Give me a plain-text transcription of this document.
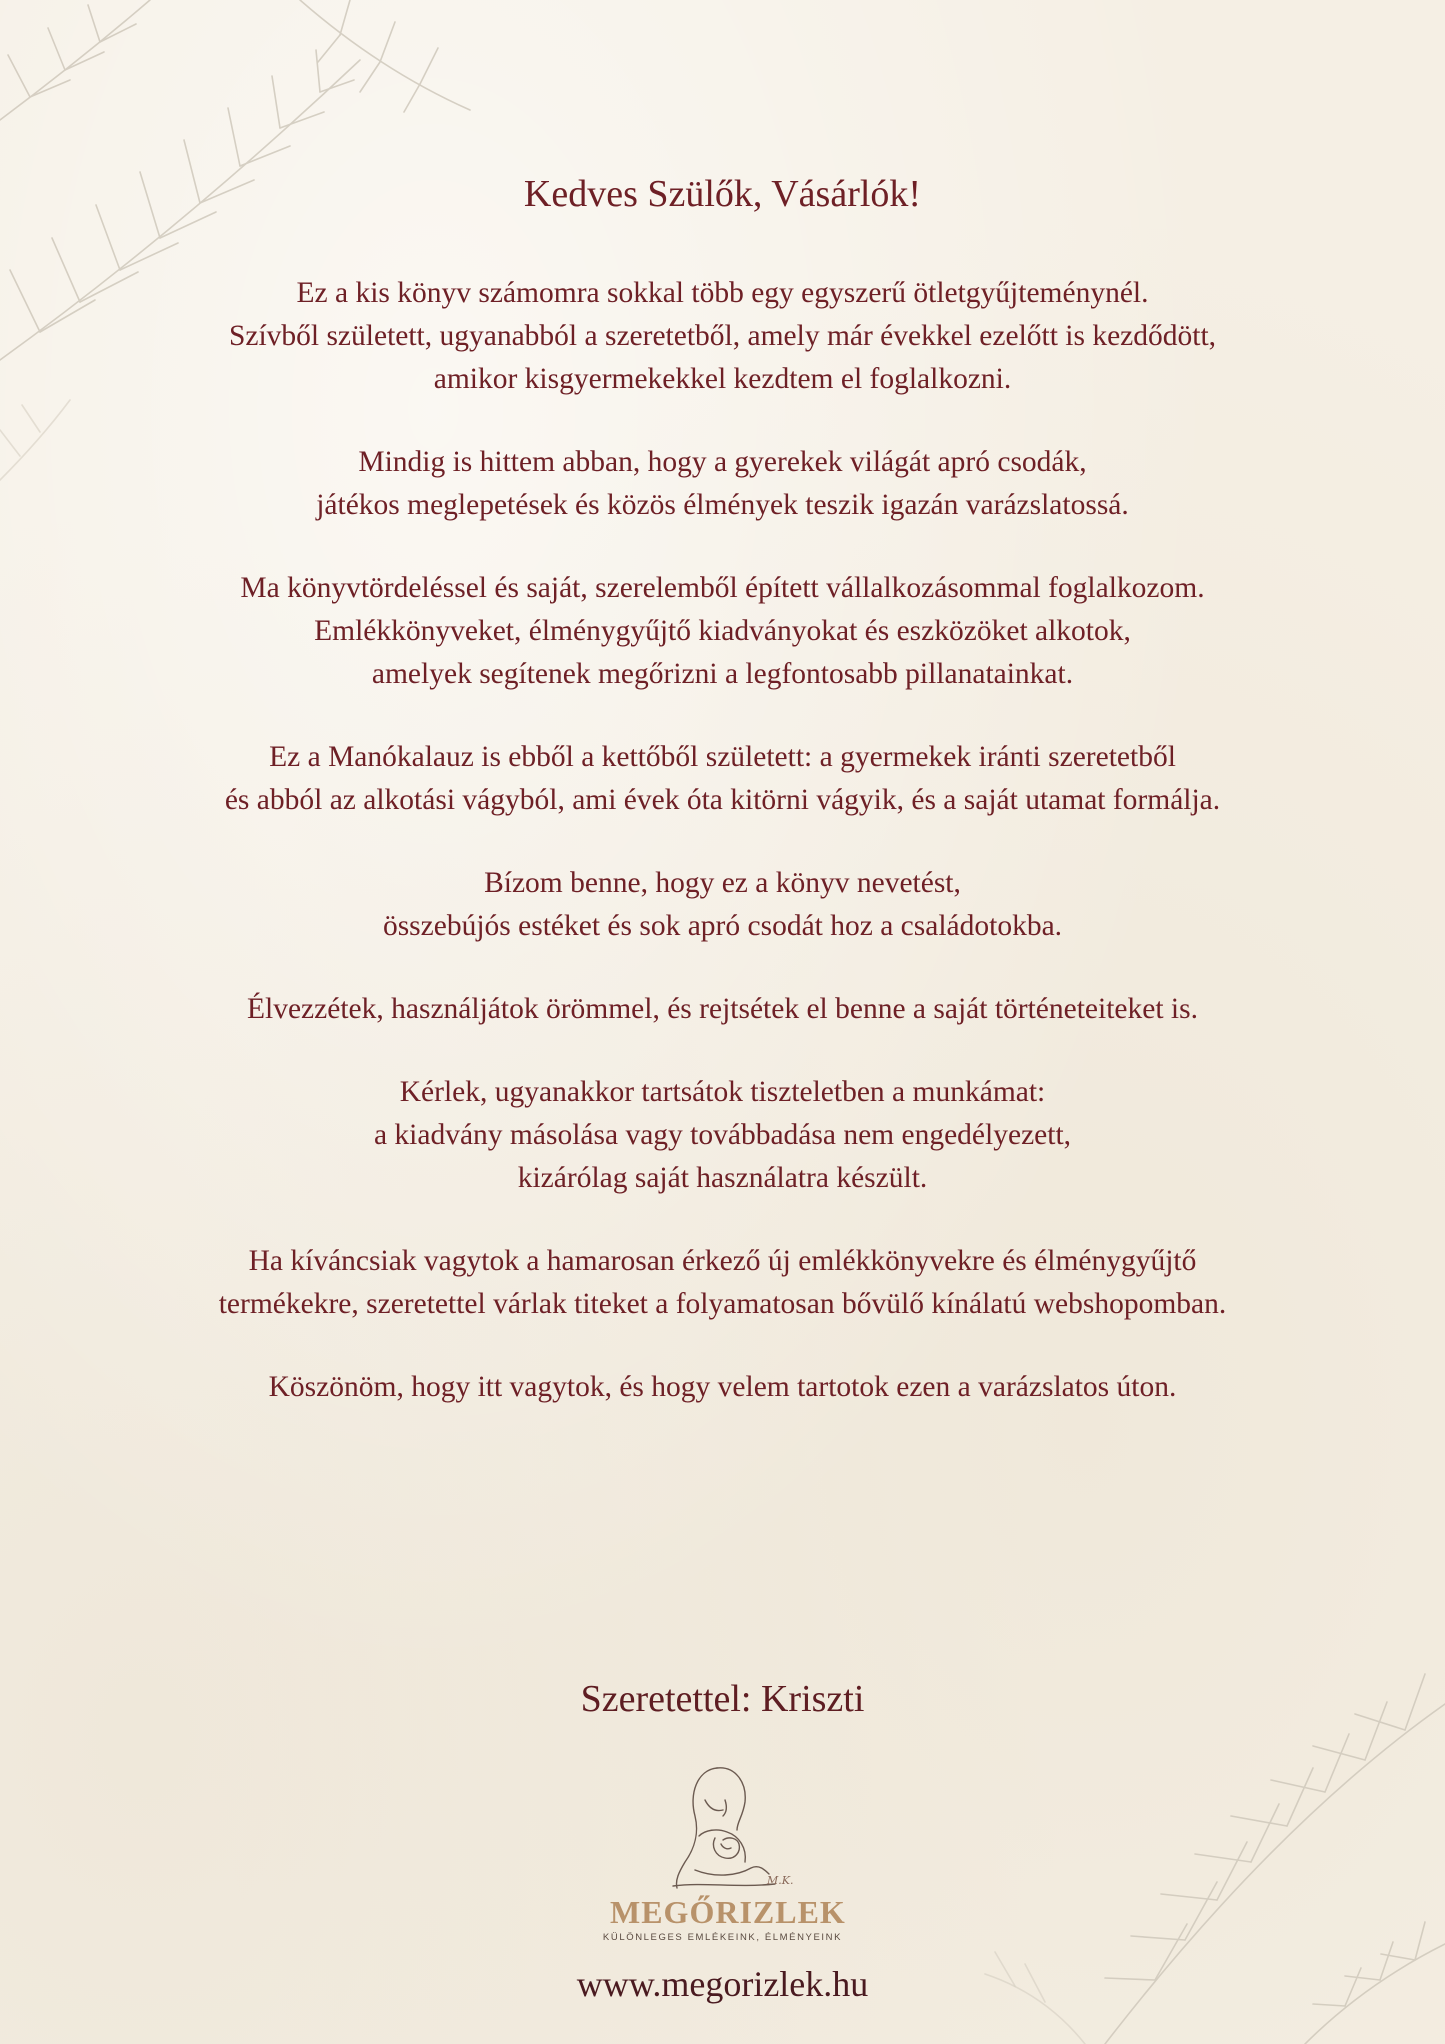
Kedves Szülők, Vásárlók!

Ez a kis könyv számomra sokkal több egy egyszerű ötletgyűjteménynél.
Szívből született, ugyanabból a szeretetből, amely már évekkel ezelőtt is kezdődött,
amikor kisgyermekekkel kezdtem el foglalkozni.

Mindig is hittem abban, hogy a gyerekek világát apró csodák,
játékos meglepetések és közös élmények teszik igazán varázslatossá.

Ma könyvtördeléssel és saját, szerelemből épített vállalkozásommal foglalkozom.
Emlékkönyveket, élménygyűjtő kiadványokat és eszközöket alkotok,
amelyek segítenek megőrizni a legfontosabb pillanatainkat.

Ez a Manókalauz is ebből a kettőből született: a gyermekek iránti szeretetből
és abból az alkotási vágyból, ami évek óta kitörni vágyik, és a saját utamat formálja.

Bízom benne, hogy ez a könyv nevetést,
összebújós estéket és sok apró csodát hoz a családotokba.

Élvezzétek, használjátok örömmel, és rejtsétek el benne a saját történeteiteket is.

Kérlek, ugyanakkor tartsátok tiszteletben a munkámat:
a kiadvány másolása vagy továbbadása nem engedélyezett,
kizárólag saját használatra készült.

Ha kíváncsiak vagytok a hamarosan érkező új emlékkönyvekre és élménygyűjtő
termékekre, szeretettel várlak titeket a folyamatosan bővülő kínálatú webshopomban.

Köszönöm, hogy itt vagytok, és hogy velem tartotok ezen a varázslatos úton.

Szeretettel: Kriszti
M.K.
MEGŐRIZLEK
KÜLÖNLEGES EMLÉKEINK, ÉLMÉNYEINK
www.megorizlek.hu
